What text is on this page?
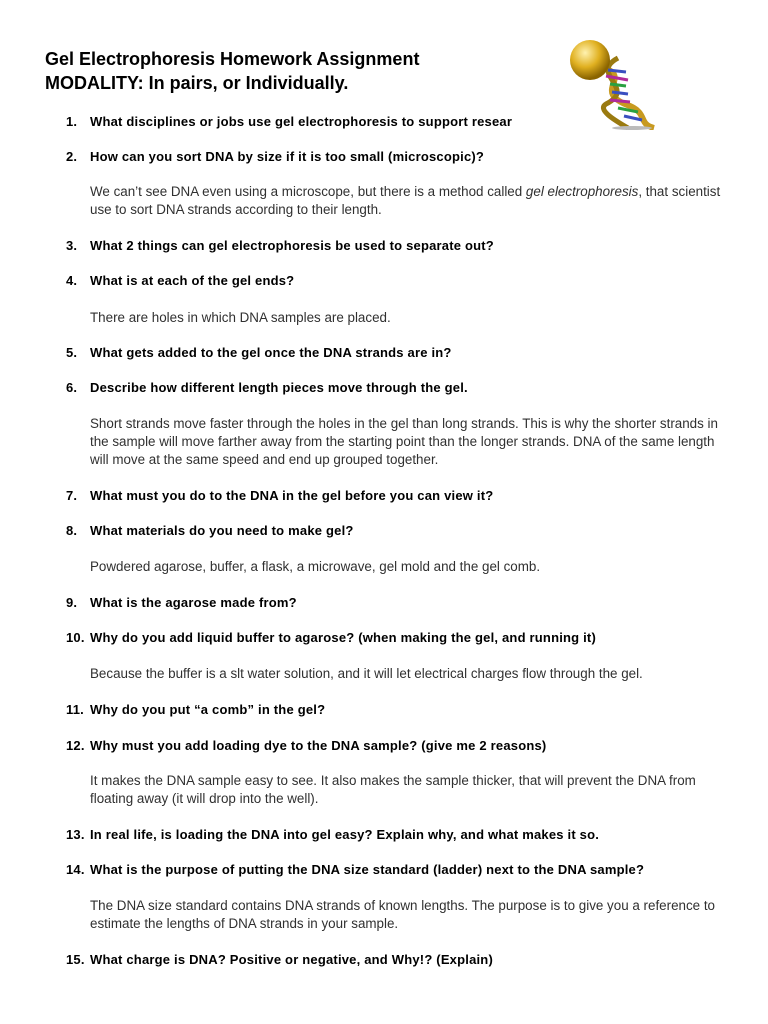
Gel Electrophoresis Homework Assignment
MODALITY: In pairs, or Individually.
1. What disciplines or jobs use gel electrophoresis to support resear
2. How can you sort DNA by size if it is too small (microscopic)?
We can’t see DNA even using a microscope, but there is a method called gel electrophoresis, that scientist use to sort DNA strands according to their length.
3. What 2 things can gel electrophoresis be used to separate out?
4. What is at each of the gel ends?
There are holes in which DNA samples are placed.
5. What gets added to the gel once the DNA strands are in?
6. Describe how different length pieces move through the gel.
Short strands move faster through the holes in the gel than long strands. This is why the shorter strands in the sample will move farther away from the starting point than the longer strands. DNA of the same length will move at the same speed and end up grouped together.
7. What must you do to the DNA in the gel before you can view it?
8. What materials do you need to make gel?
Powdered agarose, buffer, a flask, a microwave, gel mold and the gel comb.
9. What is the agarose made from?
10. Why do you add liquid buffer to agarose? (when making the gel, and running it)
Because the buffer is a slt water solution, and it will let electrical charges flow through the gel.
11. Why do you put “a comb” in the gel?
12. Why must you add loading dye to the DNA sample? (give me 2 reasons)
It makes the DNA sample easy to see. It also makes the sample thicker, that will prevent the DNA from floating away (it will drop into the well).
13. In real life, is loading the DNA into gel easy? Explain why, and what makes it so.
14. What is the purpose of putting the DNA size standard (ladder) next to the DNA sample?
The DNA size standard contains DNA strands of known lengths. The purpose is to give you a reference to estimate the lengths of DNA strands in your sample.
15. What charge is DNA? Positive or negative, and Why!? (Explain)
